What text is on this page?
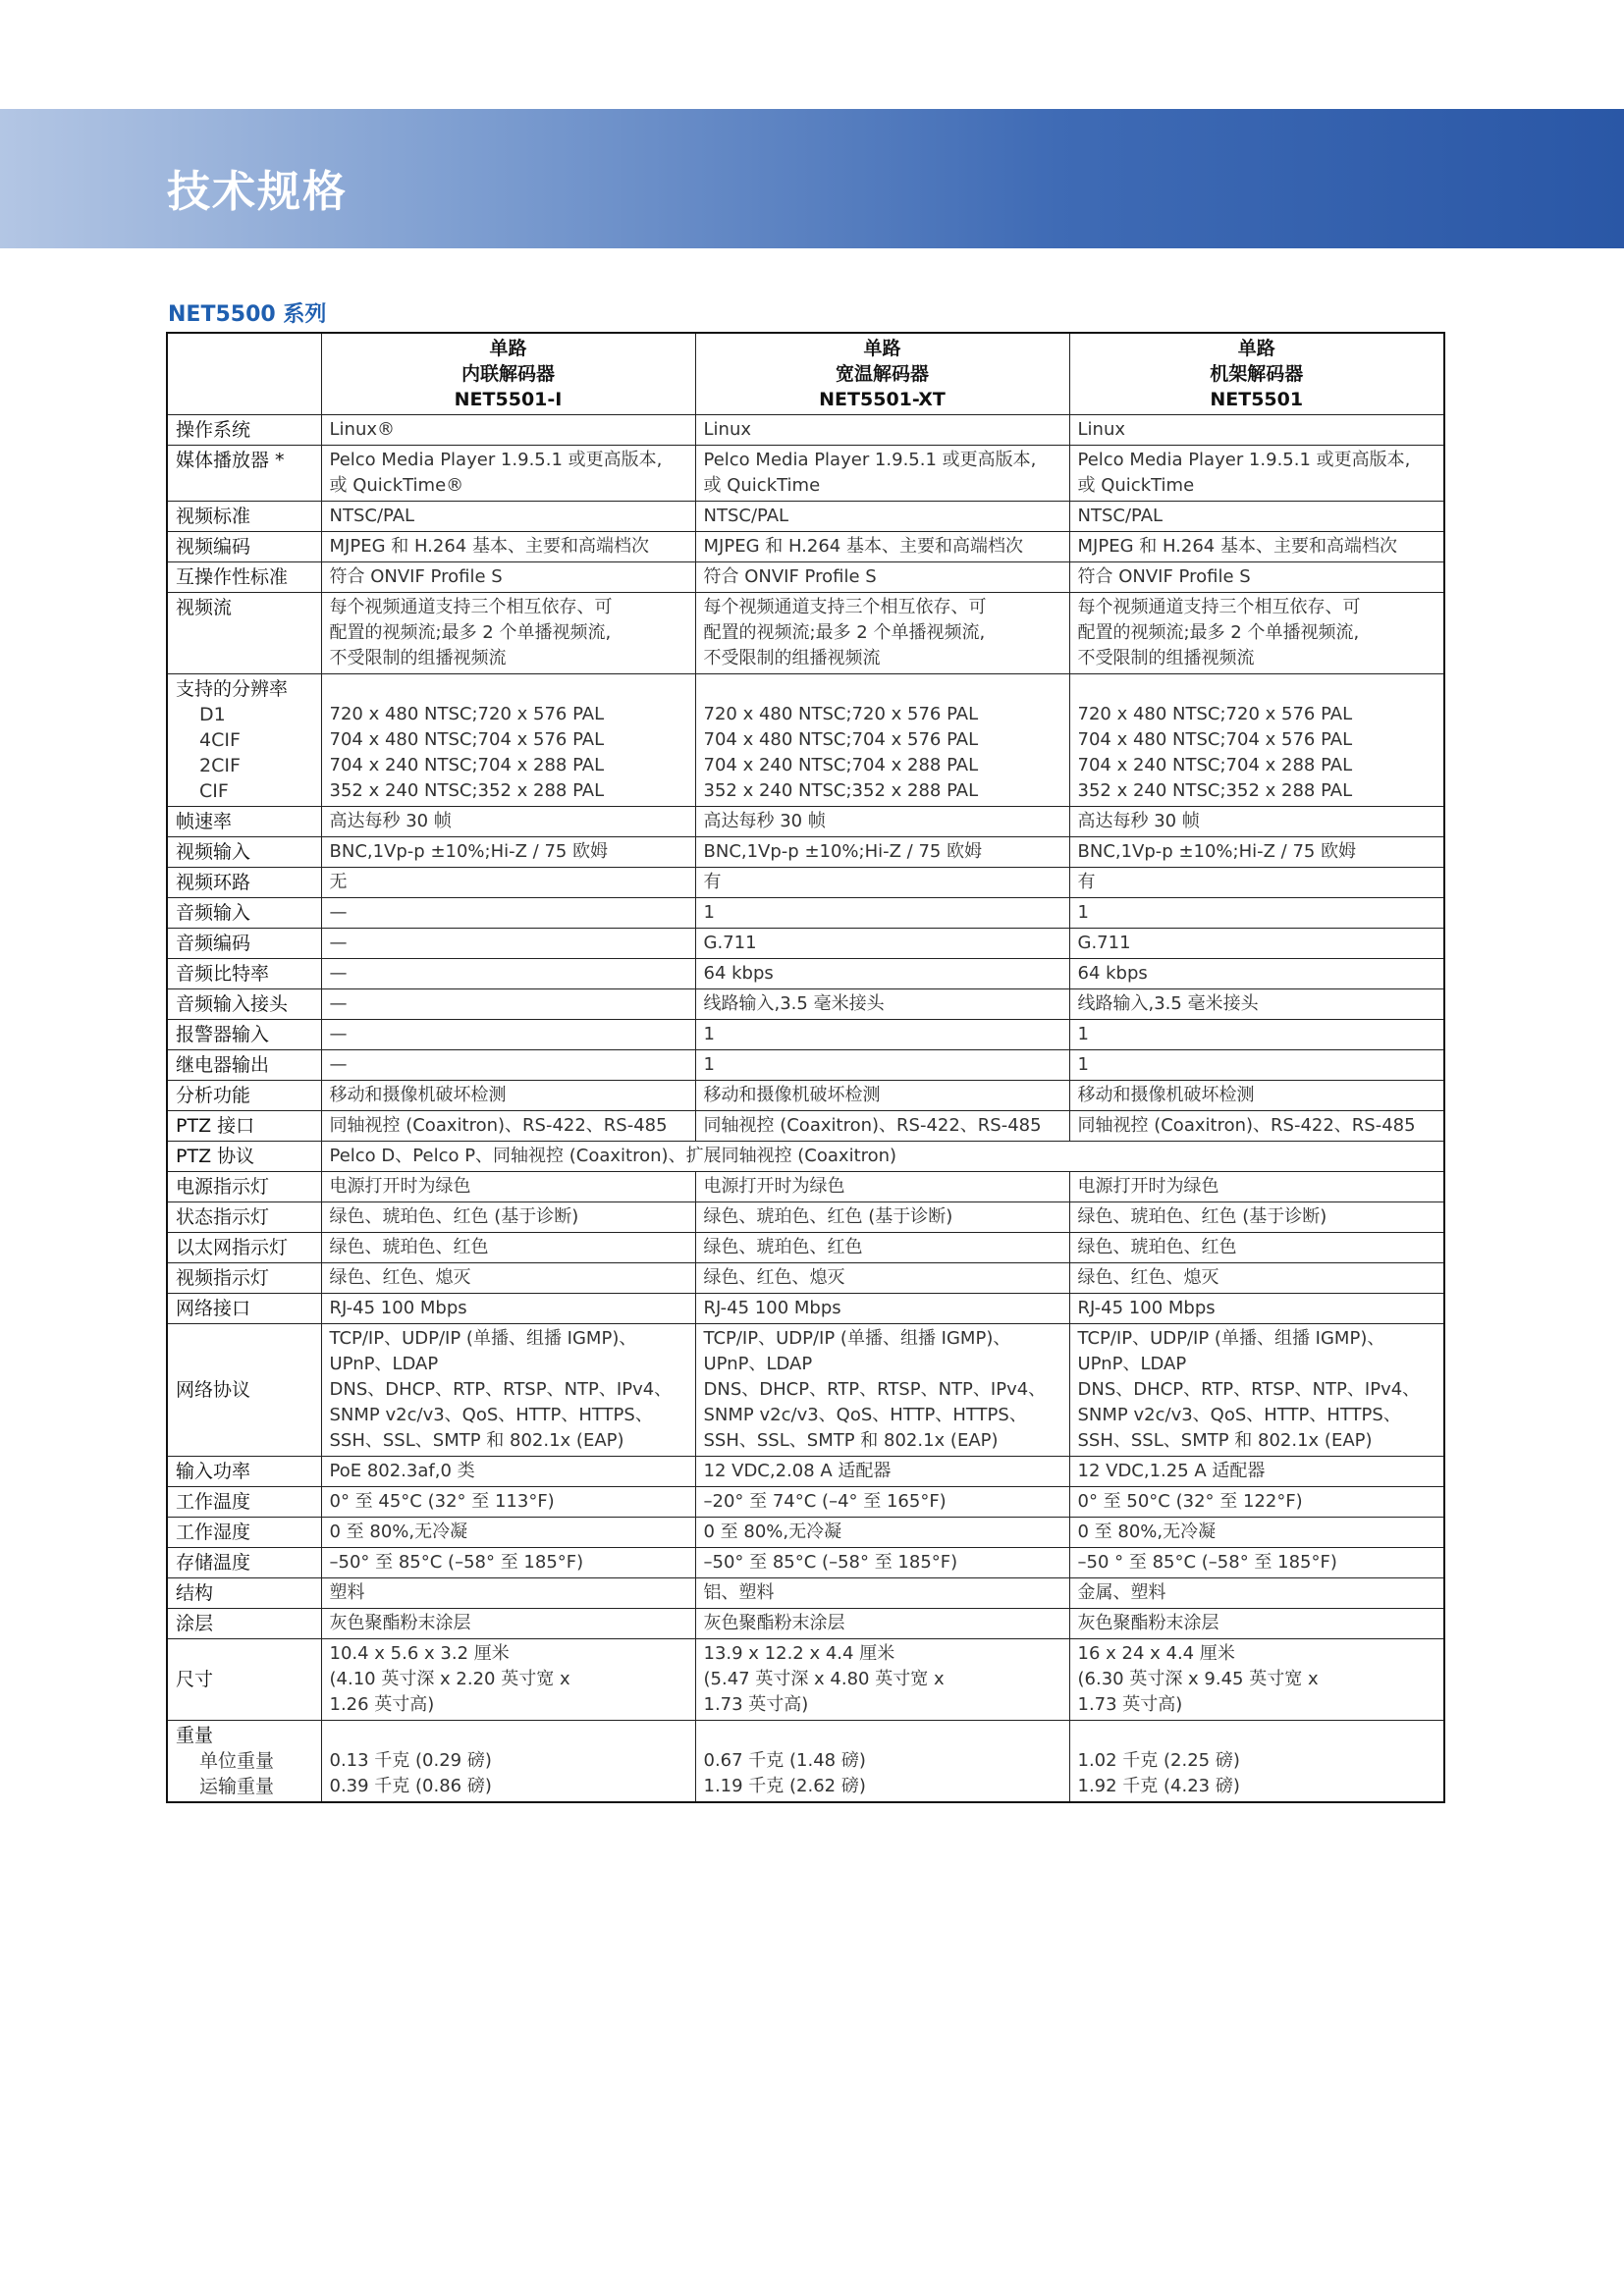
技术规格
NET5500 系列

	单路
内联解码器
NET5501-I	单路
宽温解码器
NET5501-XT	单路
机架解码器
NET5501

操作系统	Linux®	Linux	Linux
媒体播放器 *	Pelco Media Player 1.9.5.1 或更高版本,
或 QuickTime®	Pelco Media Player 1.9.5.1 或更高版本,
或 QuickTime	Pelco Media Player 1.9.5.1 或更高版本,
或 QuickTime

视频标准	NTSC/PAL	NTSC/PAL	NTSC/PAL
视频编码	MJPEG 和 H.264 基本、主要和高端档次	MJPEG 和 H.264 基本、主要和高端档次	MJPEG 和 H.264 基本、主要和高端档次
互操作性标准	符合 ONVIF Profile S	符合 ONVIF Profile S	符合 ONVIF Profile S
视频流	每个视频通道支持三个相互依存、可
配置的视频流;最多 2 个单播视频流,
不受限制的组播视频流	每个视频通道支持三个相互依存、可
配置的视频流;最多 2 个单播视频流,
不受限制的组播视频流	每个视频通道支持三个相互依存、可
配置的视频流;最多 2 个单播视频流,
不受限制的组播视频流

支持的分辨率
D1
4CIF
2CIF
CIF	720 x 480 NTSC;720 x 576 PAL
704 x 480 NTSC;704 x 576 PAL
704 x 240 NTSC;704 x 288 PAL
352 x 240 NTSC;352 x 288 PAL	720 x 480 NTSC;720 x 576 PAL
704 x 480 NTSC;704 x 576 PAL
704 x 240 NTSC;704 x 288 PAL
352 x 240 NTSC;352 x 288 PAL	720 x 480 NTSC;720 x 576 PAL
704 x 480 NTSC;704 x 576 PAL
704 x 240 NTSC;704 x 288 PAL
352 x 240 NTSC;352 x 288 PAL

帧速率	高达每秒 30 帧	高达每秒 30 帧	高达每秒 30 帧
视频输入	BNC,1Vp-p ±10%;Hi-Z / 75 欧姆	BNC,1Vp-p ±10%;Hi-Z / 75 欧姆	BNC,1Vp-p ±10%;Hi-Z / 75 欧姆
视频环路	无	有	有
音频输入	—	1	1
音频编码	—	G.711	G.711
音频比特率	—	64 kbps	64 kbps
音频输入接头	—	线路输入,3.5 毫米接头	线路输入,3.5 毫米接头
报警器输入	—	1	1
继电器输出	—	1	1
分析功能	移动和摄像机破坏检测	移动和摄像机破坏检测	移动和摄像机破坏检测
PTZ 接口	同轴视控 (Coaxitron)、RS-422、RS-485	同轴视控 (Coaxitron)、RS-422、RS-485	同轴视控 (Coaxitron)、RS-422、RS-485
PTZ 协议	Pelco D、Pelco P、同轴视控 (Coaxitron)、扩展同轴视控 (Coaxitron)		
电源指示灯	电源打开时为绿色	电源打开时为绿色	电源打开时为绿色
状态指示灯	绿色、琥珀色、红色 (基于诊断)	绿色、琥珀色、红色 (基于诊断)	绿色、琥珀色、红色 (基于诊断)
以太网指示灯	绿色、琥珀色、红色	绿色、琥珀色、红色	绿色、琥珀色、红色
视频指示灯	绿色、红色、熄灭	绿色、红色、熄灭	绿色、红色、熄灭
网络接口	RJ-45 100 Mbps	RJ-45 100 Mbps	RJ-45 100 Mbps
网络协议	TCP/IP、UDP/IP (单播、组播 IGMP)、
UPnP、LDAP
DNS、DHCP、RTP、RTSP、NTP、IPv4、
SNMP v2c/v3、QoS、HTTP、HTTPS、
SSH、SSL、SMTP 和 802.1x (EAP)	TCP/IP、UDP/IP (单播、组播 IGMP)、
UPnP、LDAP
DNS、DHCP、RTP、RTSP、NTP、IPv4、
SNMP v2c/v3、QoS、HTTP、HTTPS、
SSH、SSL、SMTP 和 802.1x (EAP)	TCP/IP、UDP/IP (单播、组播 IGMP)、
UPnP、LDAP
DNS、DHCP、RTP、RTSP、NTP、IPv4、
SNMP v2c/v3、QoS、HTTP、HTTPS、
SSH、SSL、SMTP 和 802.1x (EAP)

输入功率	PoE 802.3af,0 类	12 VDC,2.08 A 适配器	12 VDC,1.25 A 适配器
工作温度	0° 至 45°C (32° 至 113°F)	–20° 至 74°C (–4° 至 165°F)	0° 至 50°C (32° 至 122°F)
工作湿度	0 至 80%,无冷凝	0 至 80%,无冷凝	0 至 80%,无冷凝
存储温度	–50° 至 85°C (–58° 至 185°F)	–50° 至 85°C (–58° 至 185°F)	–50 ° 至 85°C (–58° 至 185°F)
结构	塑料	铝、塑料	金属、塑料
涂层	灰色聚酯粉末涂层	灰色聚酯粉末涂层	灰色聚酯粉末涂层
尺寸	10.4 x 5.6 x 3.2 厘米
(4.10 英寸深 x 2.20 英寸宽 x
1.26 英寸高)	13.9 x 12.2 x 4.4 厘米
(5.47 英寸深 x 4.80 英寸宽 x
1.73 英寸高)	16 x 24 x 4.4 厘米
(6.30 英寸深 x 9.45 英寸宽 x
1.73 英寸高)

重量
单位重量
运输重量	0.13 千克 (0.29 磅)
0.39 千克 (0.86 磅)	0.67 千克 (1.48 磅)
1.19 千克 (2.62 磅)	1.02 千克 (2.25 磅)
1.92 千克 (4.23 磅)
